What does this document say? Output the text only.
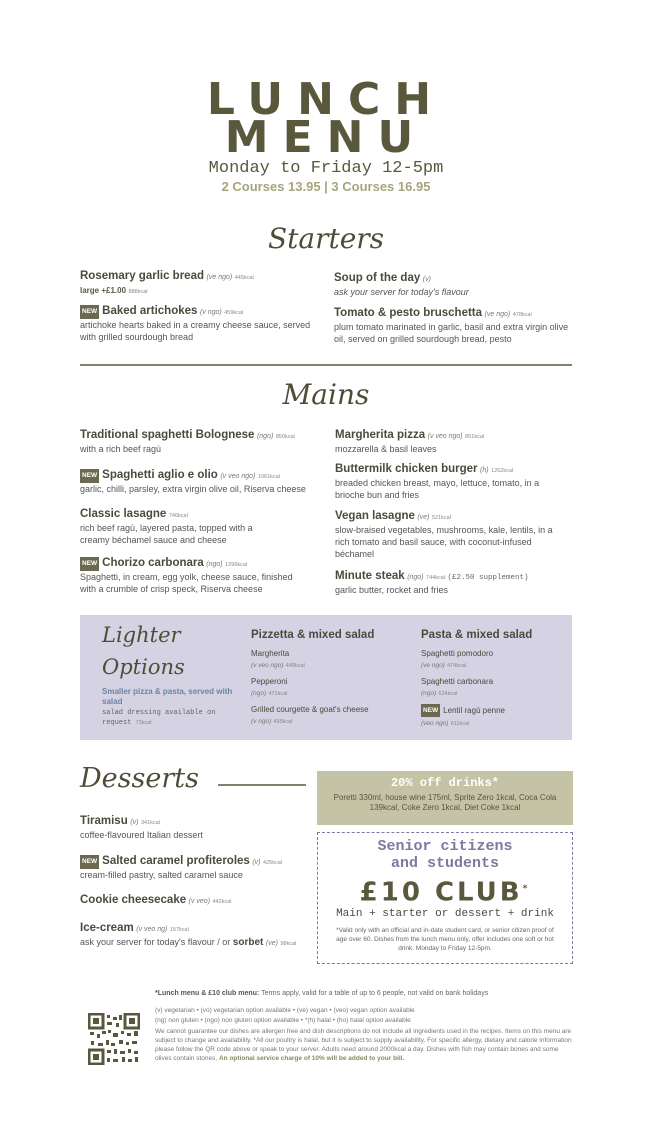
LUNCH
MENU
Monday to Friday 12-5pm
2 Courses 13.95 | 3 Courses 16.95
Starters
Rosemary garlic bread (ve ngo) 445kcal
large +£1.00 888kcal
NEW Baked artichokes (v ngo) 459kcal
artichoke hearts baked in a creamy cheese sauce, served with grilled sourdough bread
Soup of the day (v)
ask your server for today's flavour
Tomato & pesto bruschetta (ve ngo) 478kcal
plum tomato marinated in garlic, basil and extra virgin olive oil, served on grilled sourdough bread, pesto
Mains
Traditional spaghetti Bolognese (ngo) 850kcal
with a rich beef ragù
NEW Spaghetti aglio e olio (v veo ngo) 1061kcal
garlic, chilli, parsley, extra virgin olive oil, Riserva cheese
Classic lasagne 746kcal
rich beef ragù, layered pasta, topped with a creamy béchamel sauce and cheese
NEW Chorizo carbonara (ngo) 1296kcal
Spaghetti, in cream, egg yolk, cheese sauce, finished with a crumble of crisp speck, Riserva cheese
Margherita pizza (v veo ngo) 851kcal
mozzarella & basil leaves
Buttermilk chicken burger (h) 1262kcal
breaded chicken breast, mayo, lettuce, tomato, in a brioche bun and fries
Vegan lasagne (ve) 521kcal
slow-braised vegetables, mushrooms, kale, lentils, in a rich tomato and basil sauce, with coconut-infused béchamel
Minute steak (ngo) 744kcal (£2.50 supplement)
garlic butter, rocket and fries
Lighter
Options
Smaller pizza & pasta, served with salad
salad dressing available on request 73kcal
Pizzetta & mixed salad
Margherita
(v veo ngo) 449kcal
Pepperoni
(ngo) 471kcal
Grilled courgette & goat's cheese (v ngo) 495kcal
Pasta & mixed salad
Spaghetti pomodoro
(ve ngo) 474kcal
Spaghetti carbonara
(ngo) 624kcal
NEW Lentil ragù penne
(veo ngo) 611kcal
Desserts
Tiramisu (v) 341kcal
coffee-flavoured Italian dessert
NEW Salted caramel profiteroles (v) 425kcal
cream-filled pastry, salted caramel sauce
Cookie cheesecake (v veo) 442kcal
Ice-cream (v veo ng) 157kcal
ask your server for today's flavour / or sorbet (ve) 98kcal
20% off drinks*
Poretti 330ml, house wine 175ml, Sprite Zero 1kcal, Coca Cola 139kcal, Coke Zero 1kcal, Diet Coke 1kcal
Senior citizens
and students
£10 CLUB*
Main + starter or dessert + drink
*Valid only with an official and in-date student card, or senior citizen proof of age over 60. Dishes from the lunch menu only, offer includes one soft or hot drink. Monday to Friday 12-5pm.
*Lunch menu & £10 club menu: Terms apply, valid for a table of up to 6 people, not valid on bank holidays
(v) vegetarian • (vo) vegetarian option available • (ve) vegan • (veo) vegan option available
(ng) non gluten • (ngo) non gluten option available • *(h) halal • (ho) halal option available
We cannot guarantee our dishes are allergen free and dish descriptions do not include all ingredients used in the recipes. Items on this menu are subject to change and availability. *All our poultry is halal, but it is subject to supply availability. For specific allergy, dietary and calorie information please follow the QR code above or speak to your server. Adults need around 2000kcal a day. Dishes with fish may contain bones and some olives contain stones. An optional service charge of 10% will be added to your bill.
